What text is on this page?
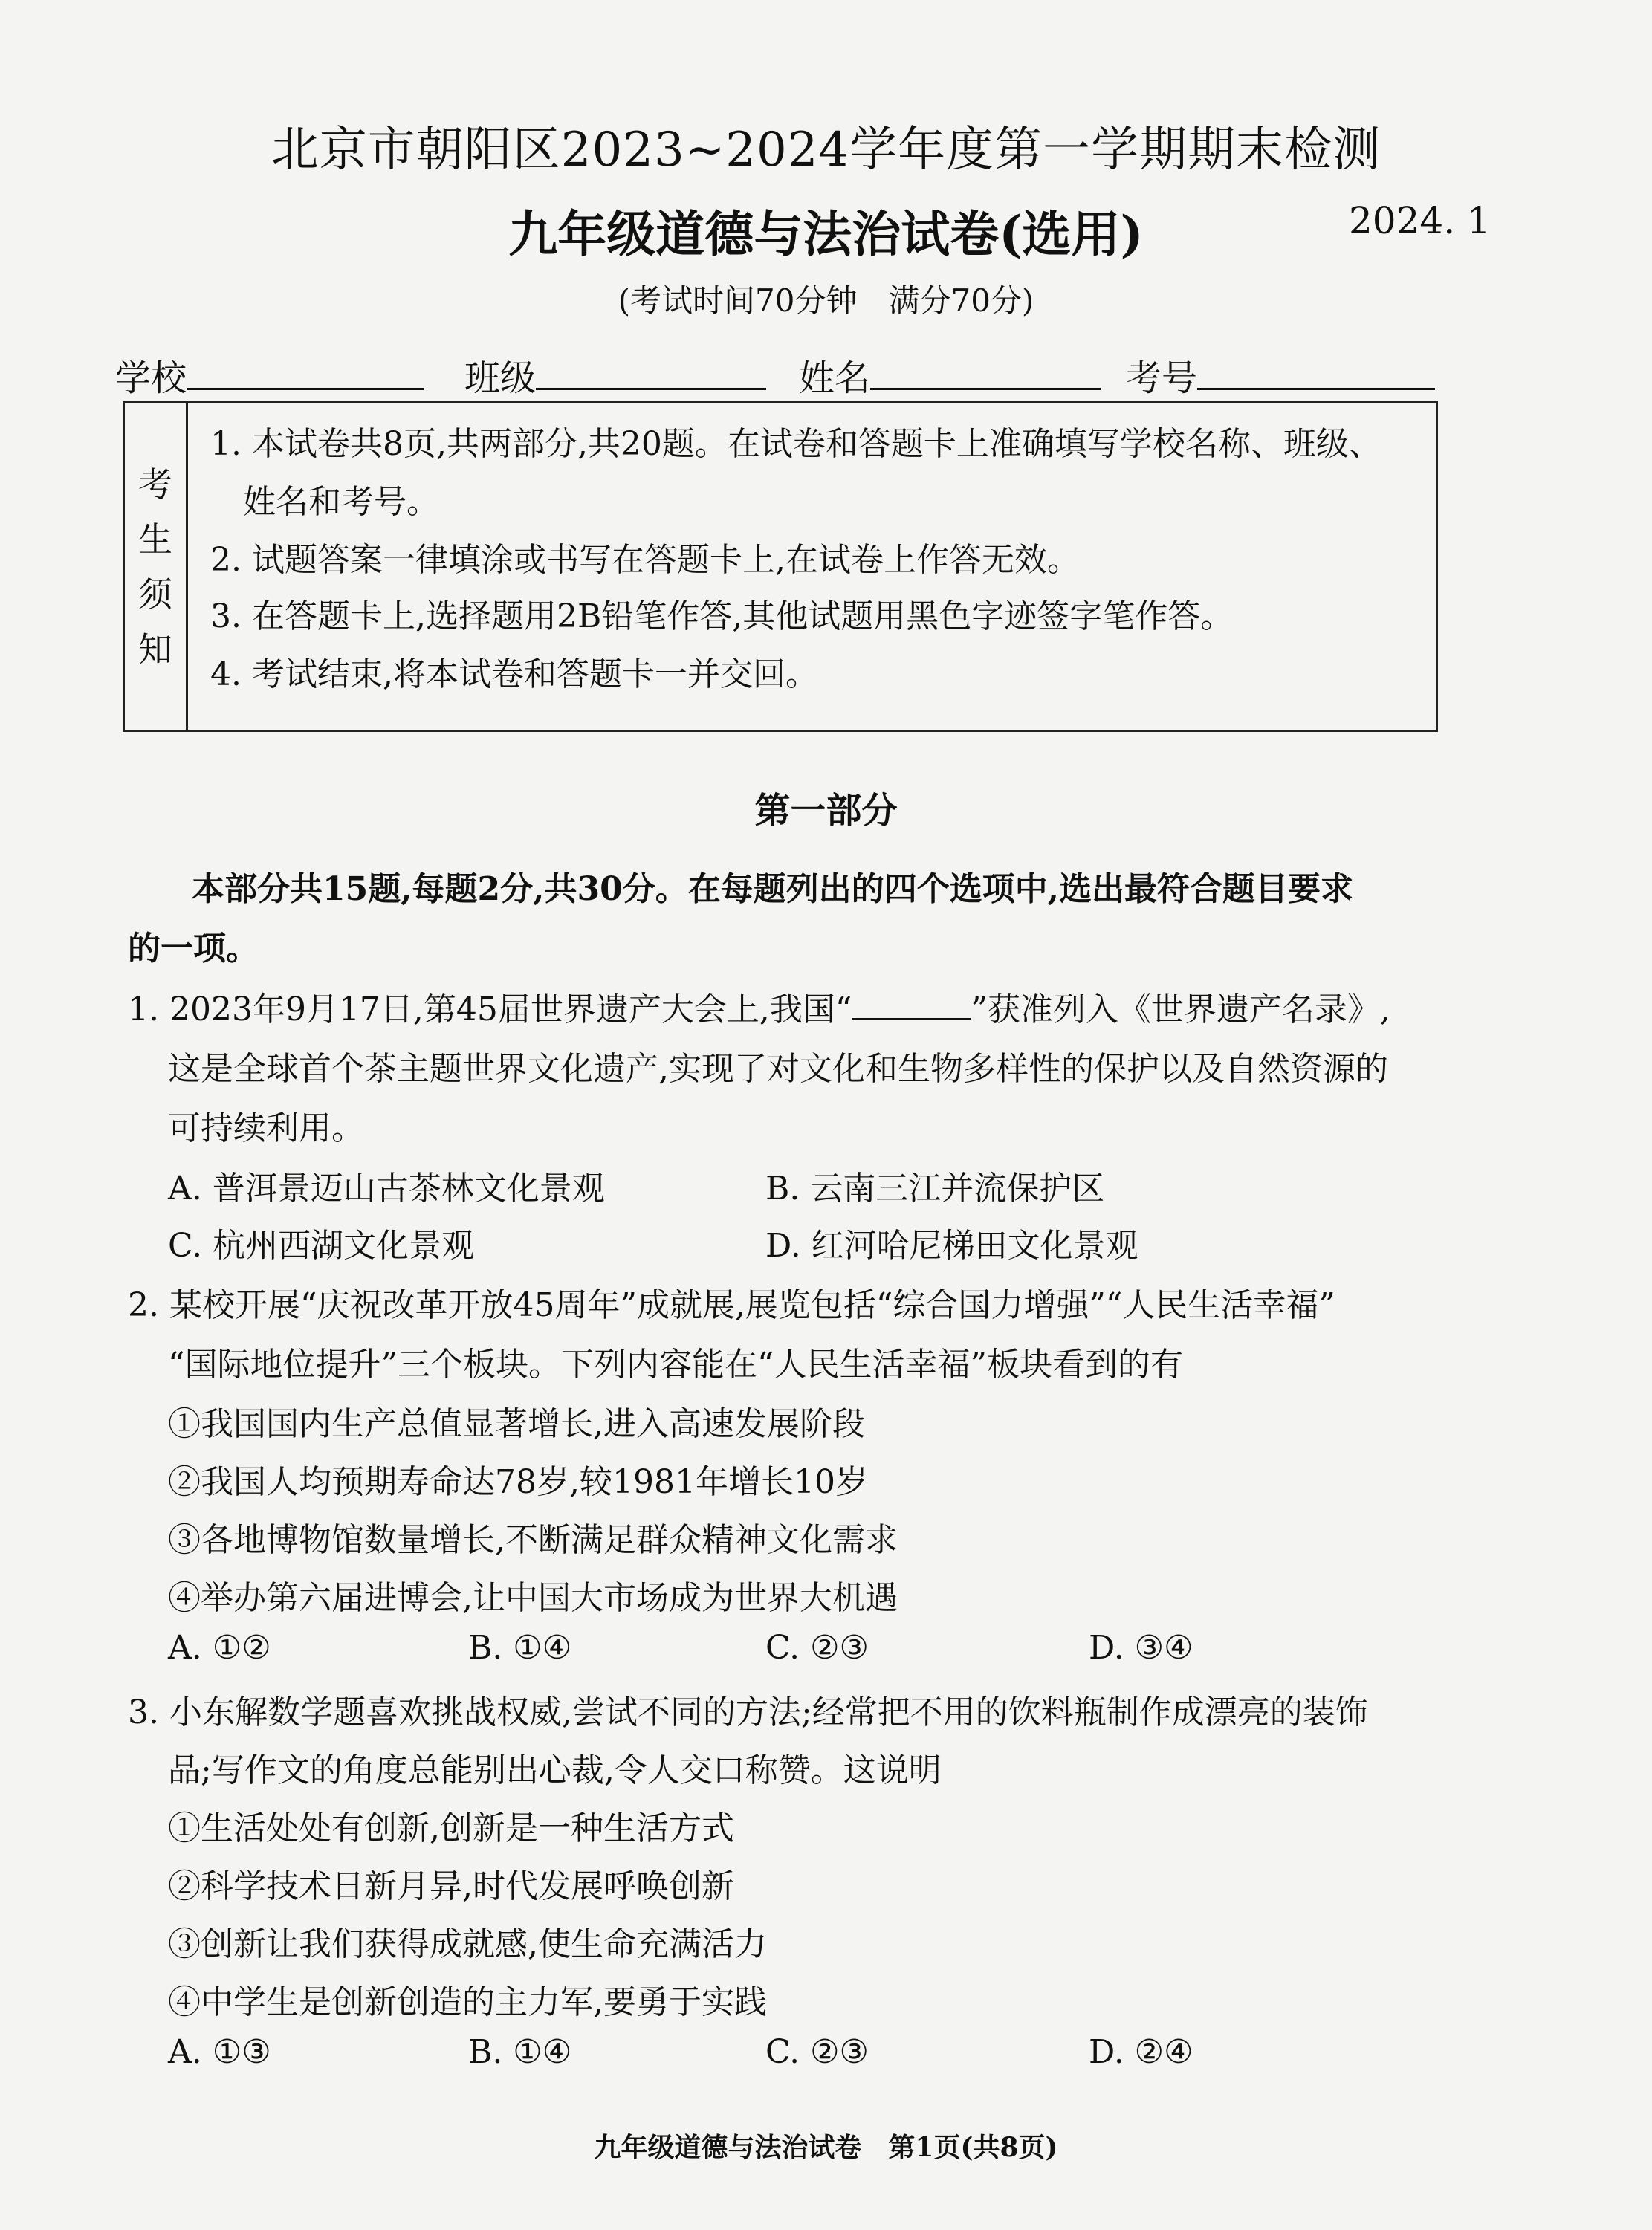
北京市朝阳区2023~2024学年度第一学期期末检测
九年级道德与法治试卷(选用)	2024. 1
(考试时间70分钟　满分70分)
学校	班级	姓名	考号
考
生
须
知
1. 本试卷共8页,共两部分,共20题。在试卷和答题卡上准确填写学校名称、班级、
　姓名和考号。
2. 试题答案一律填涂或书写在答题卡上,在试卷上作答无效。
3. 在答题卡上,选择题用2B铅笔作答,其他试题用黑色字迹签字笔作答。
4. 考试结束,将本试卷和答题卡一并交回。
第一部分
本部分共15题,每题2分,共30分。在每题列出的四个选项中,选出最符合题目要求
的一项。
1. 2023年9月17日,第45届世界遗产大会上,我国“	”获准列入《世界遗产名录》,
这是全球首个茶主题世界文化遗产,实现了对文化和生物多样性的保护以及自然资源的
可持续利用。
A. 普洱景迈山古茶林文化景观	B. 云南三江并流保护区
C. 杭州西湖文化景观	D. 红河哈尼梯田文化景观
2. 某校开展“庆祝改革开放45周年”成就展,展览包括“综合国力增强”“人民生活幸福”
“国际地位提升”三个板块。下列内容能在“人民生活幸福”板块看到的有
①我国国内生产总值显著增长,进入高速发展阶段
②我国人均预期寿命达78岁,较1981年增长10岁
③各地博物馆数量增长,不断满足群众精神文化需求
④举办第六届进博会,让中国大市场成为世界大机遇
A. ①②	B. ①④	C. ②③	D. ③④
3. 小东解数学题喜欢挑战权威,尝试不同的方法;经常把不用的饮料瓶制作成漂亮的装饰
品;写作文的角度总能别出心裁,令人交口称赞。这说明
①生活处处有创新,创新是一种生活方式
②科学技术日新月异,时代发展呼唤创新
③创新让我们获得成就感,使生命充满活力
④中学生是创新创造的主力军,要勇于实践
A. ①③	B. ①④	C. ②③	D. ②④
九年级道德与法治试卷　第1页(共8页)
